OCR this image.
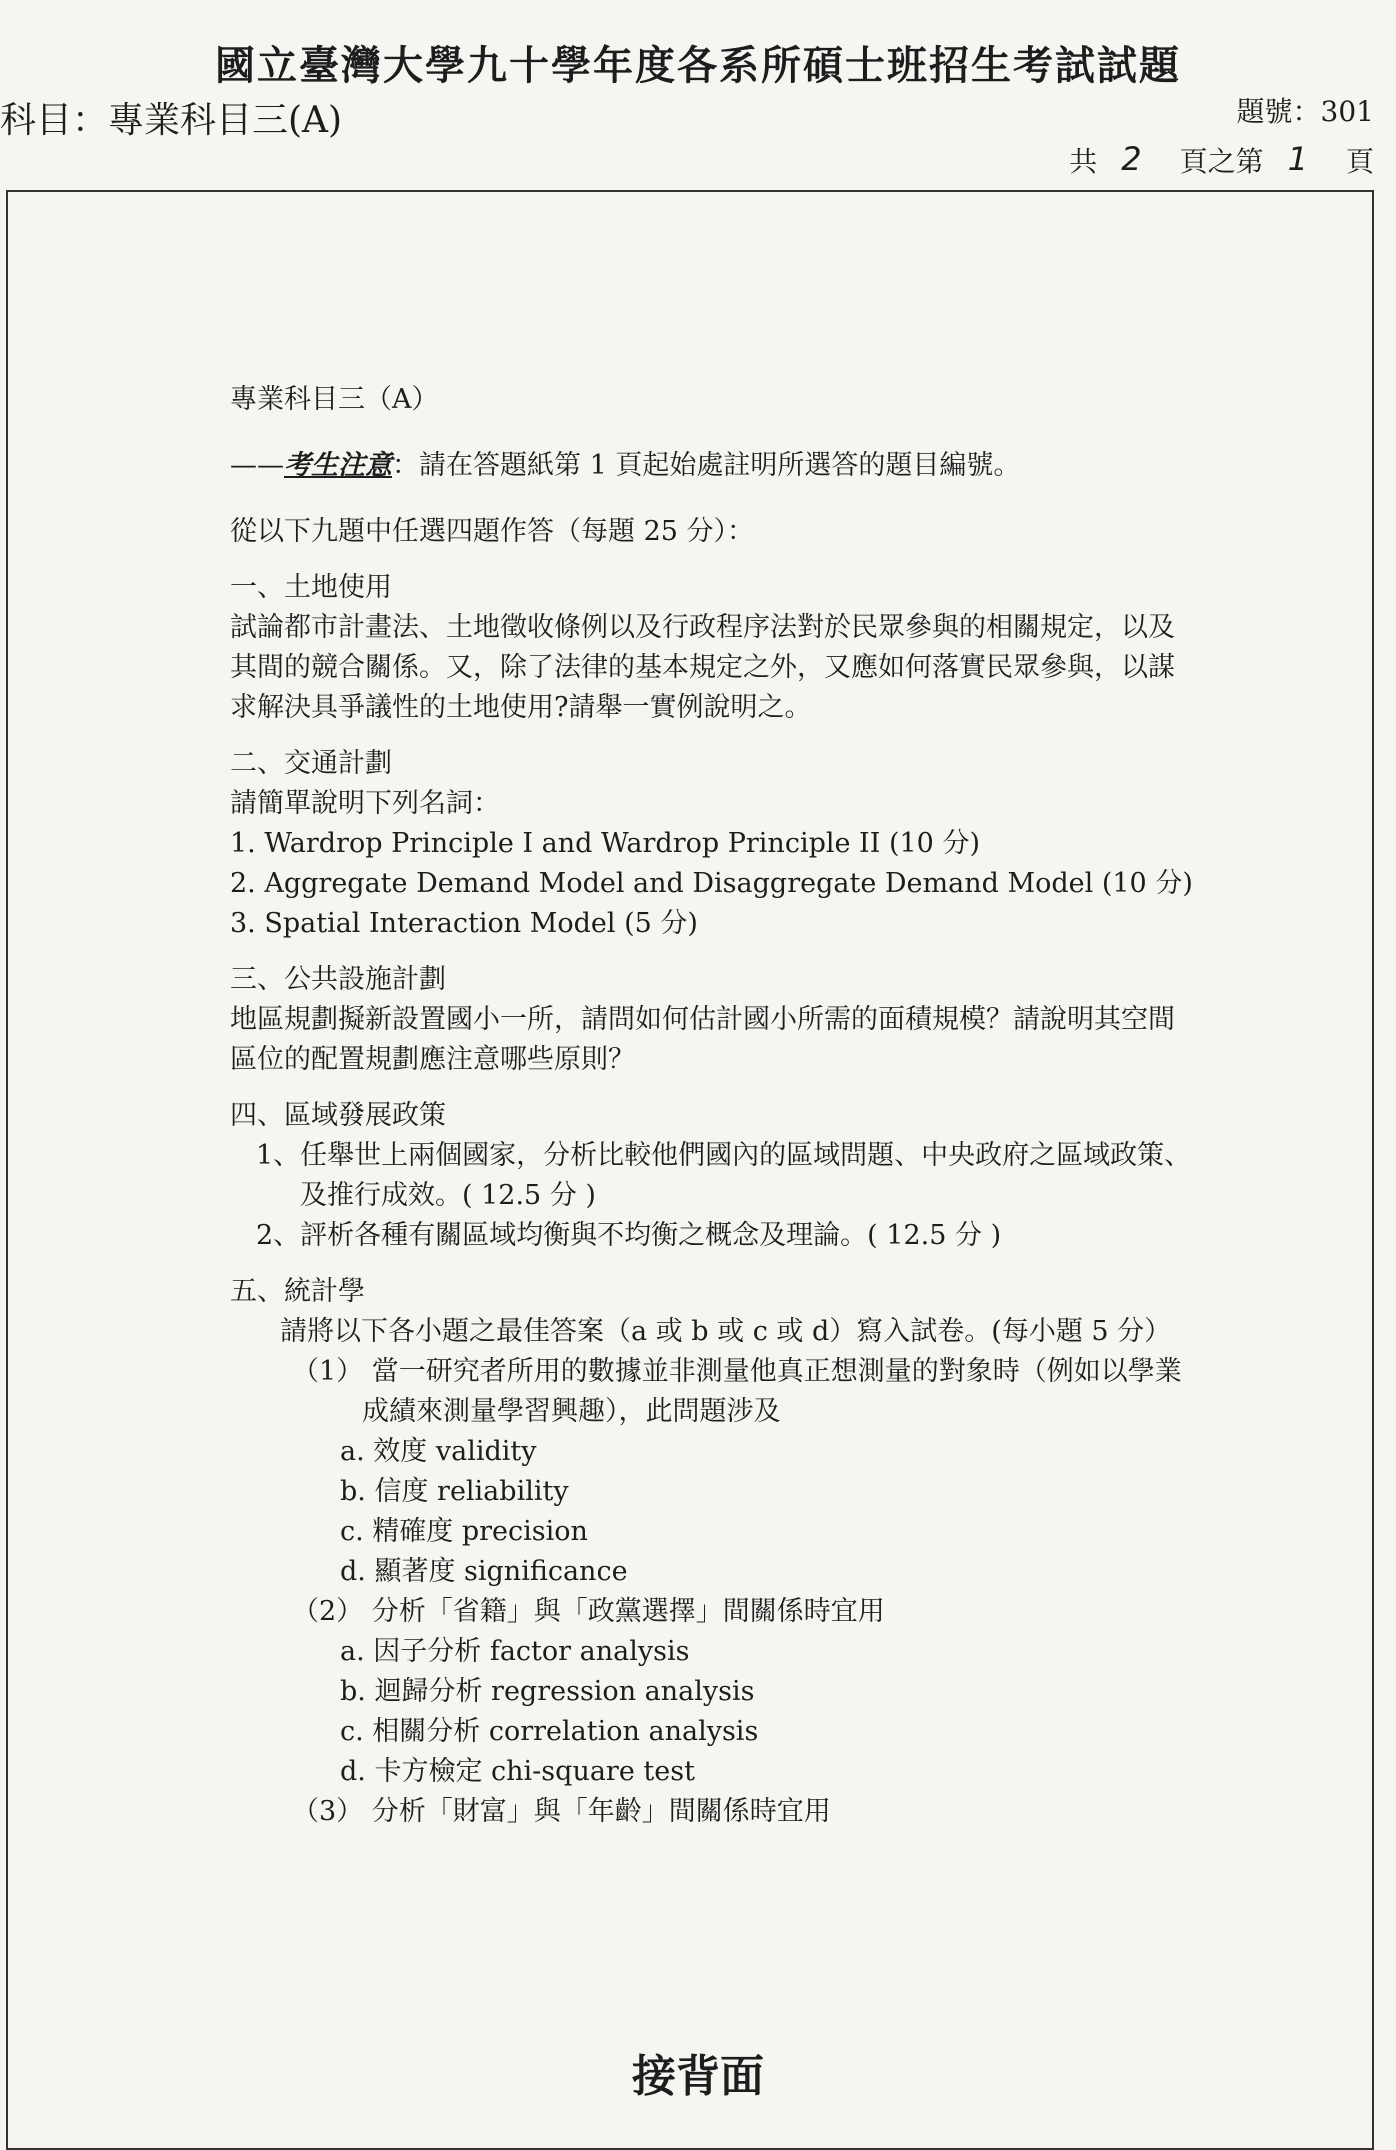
國立臺灣大學九十學年度各系所碩士班招生考試試題
科目：專業科目三(A)	題號：301
共 2 頁之第 1 頁
專業科目三（A）
——考生注意：請在答題紙第 1 頁起始處註明所選答的題目編號。
從以下九題中任選四題作答（每題 25 分）：
一、土地使用
試論都市計畫法、土地徵收條例以及行政程序法對於民眾參與的相關規定，以及
其間的競合關係。又，除了法律的基本規定之外，又應如何落實民眾參與，以謀
求解決具爭議性的土地使用?請舉一實例說明之。
二、交通計劃
請簡單說明下列名詞：
1. Wardrop Principle I and Wardrop Principle II (10 分)
2. Aggregate Demand Model and Disaggregate Demand Model (10 分)
3. Spatial Interaction Model (5 分)
三、公共設施計劃
地區規劃擬新設置國小一所，請問如何估計國小所需的面積規模？請說明其空間
區位的配置規劃應注意哪些原則？
四、區域發展政策
1、任舉世上兩個國家，分析比較他們國內的區域問題、中央政府之區域政策、
及推行成效。( 12.5 分 )
2、評析各種有關區域均衡與不均衡之概念及理論。( 12.5 分 )
五、統計學
請將以下各小題之最佳答案（a 或 b 或 c 或 d）寫入試卷。(每小題 5 分）
（1） 當一研究者所用的數據並非測量他真正想測量的對象時（例如以學業
成績來測量學習興趣），此問題涉及
a. 效度 validity
b. 信度 reliability
c. 精確度 precision
d. 顯著度 significance
（2） 分析「省籍」與「政黨選擇」間關係時宜用
a. 因子分析 factor analysis
b. 迴歸分析 regression analysis
c. 相關分析 correlation analysis
d. 卡方檢定 chi-square test
（3） 分析「財富」與「年齡」間關係時宜用
接背面
